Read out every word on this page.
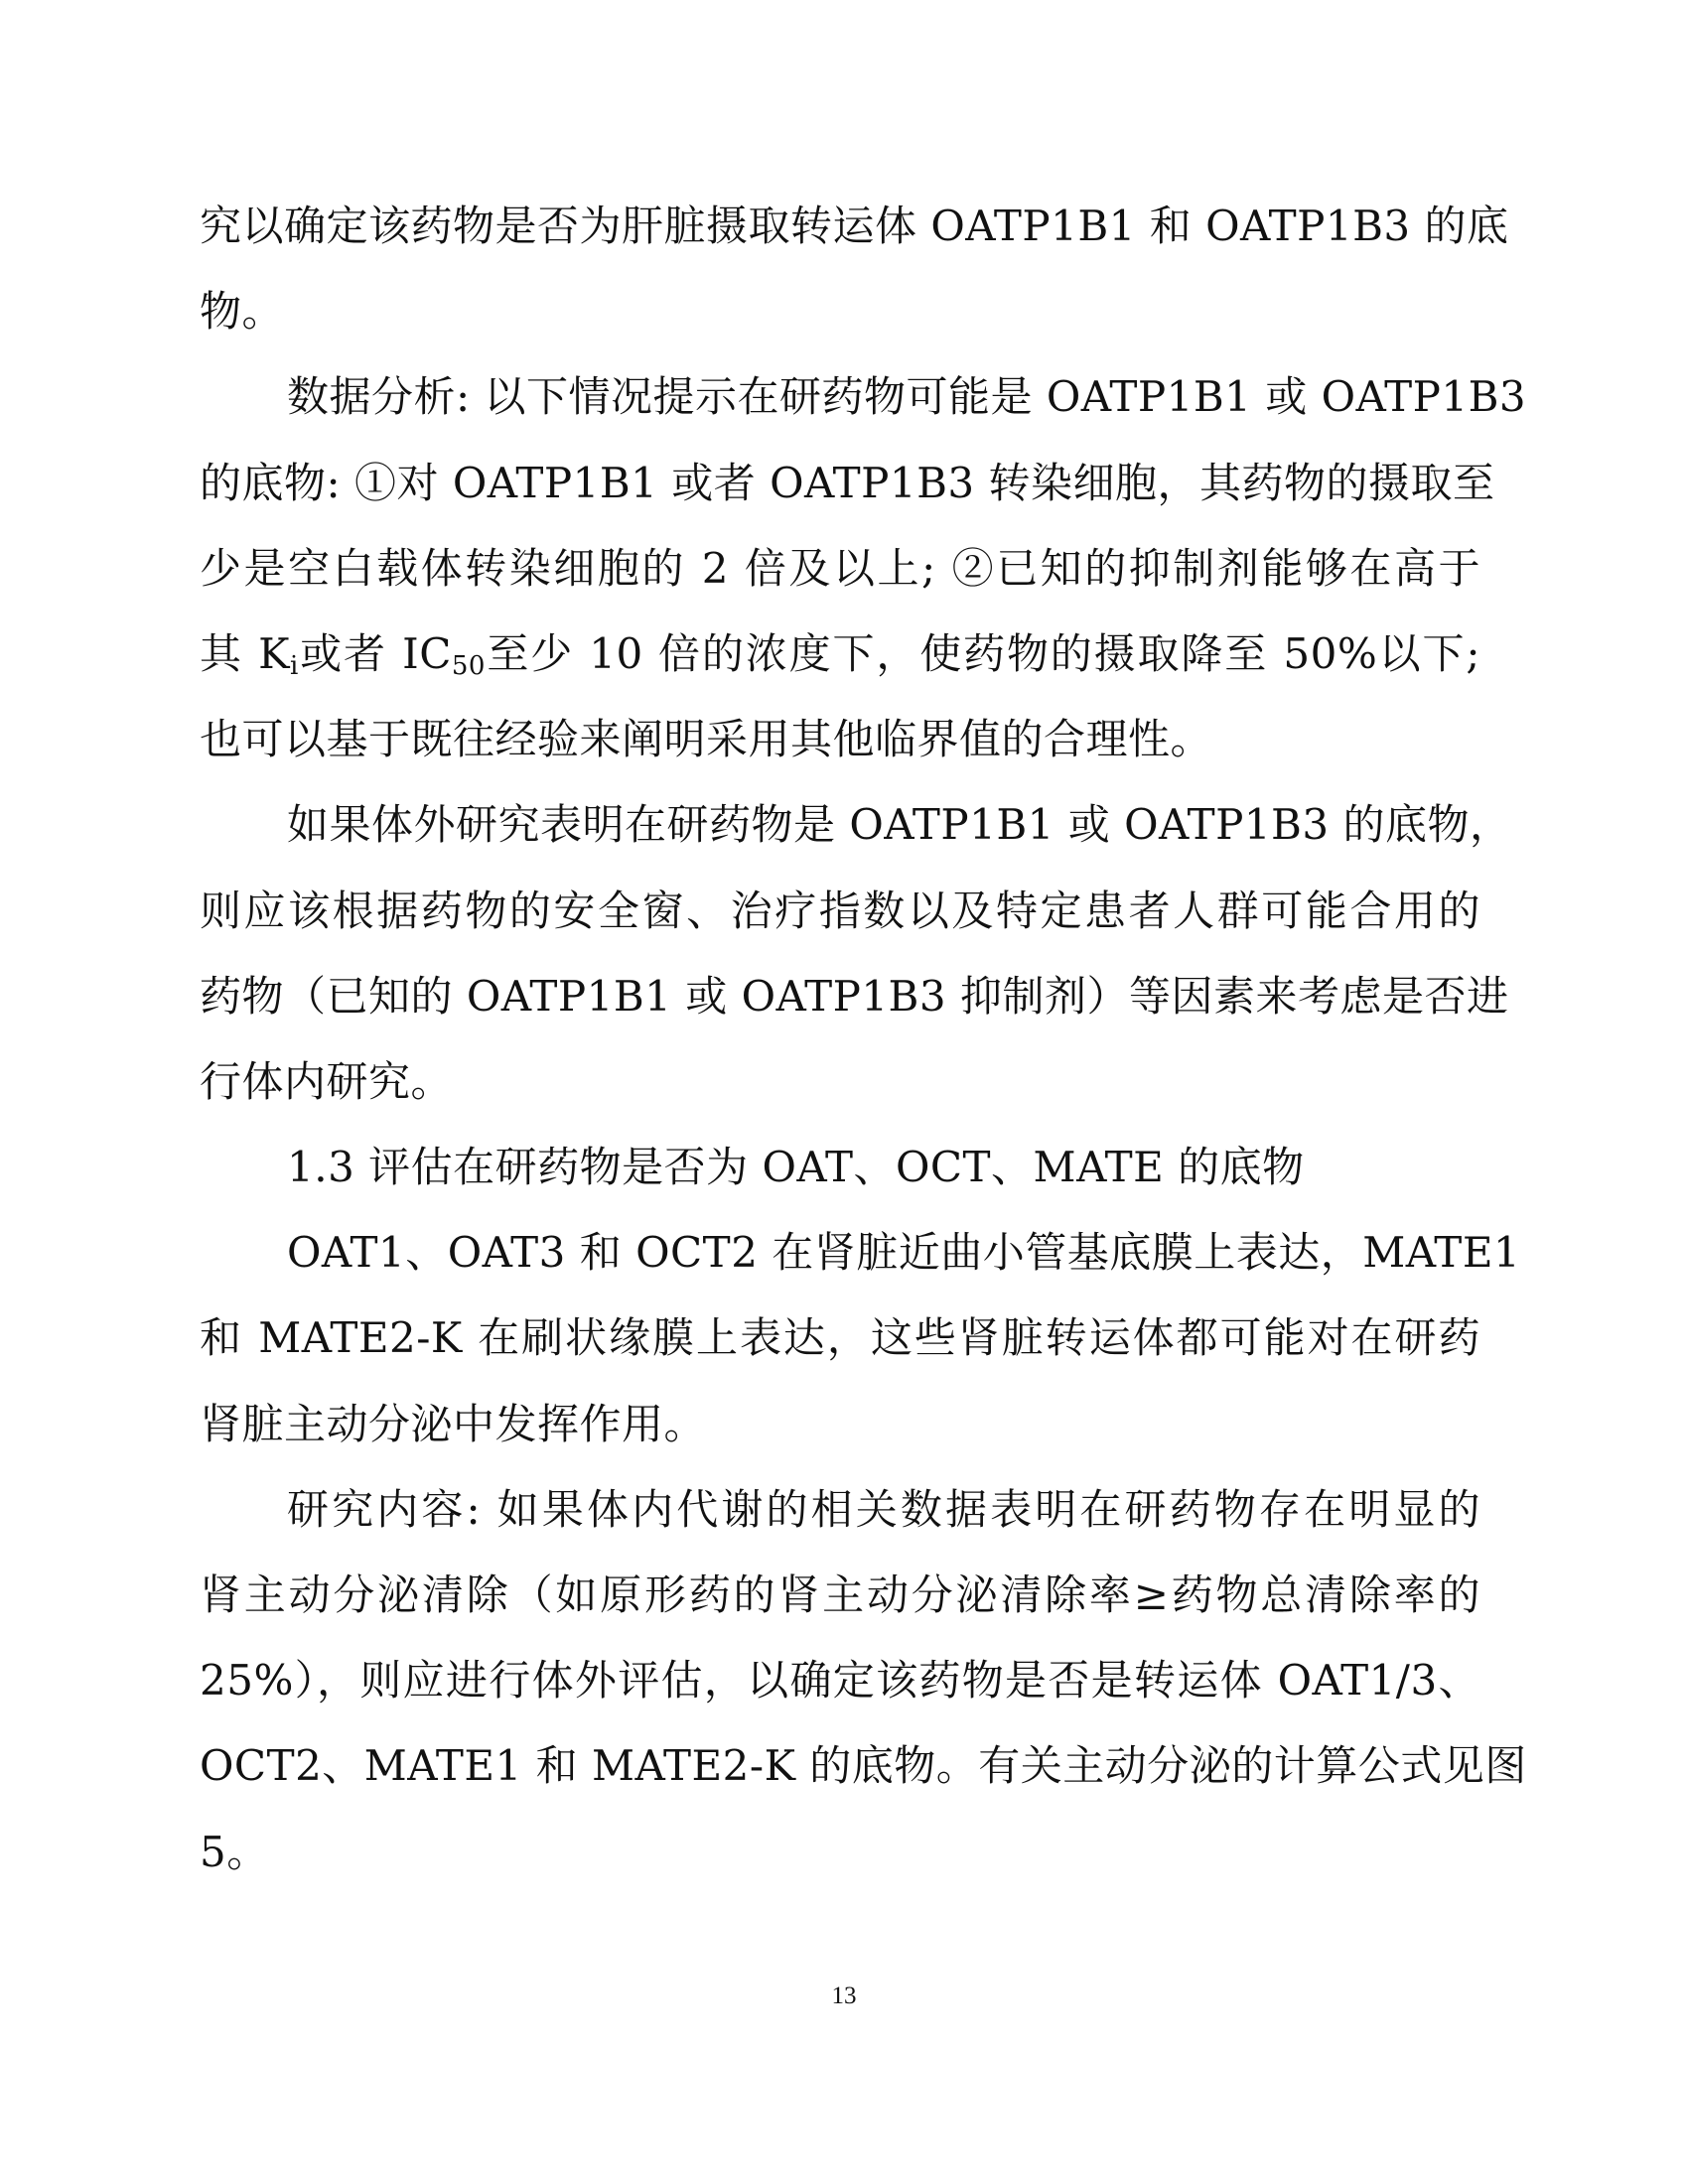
究以确定该药物是否为肝脏摄取转运体 OATP1B1 和 OATP1B3 的底
物。
数据分析: 以下情况提示在研药物可能是 OATP1B1 或 OATP1B3
的底物: ①对 OATP1B1 或者 OATP1B3 转染细胞，其药物的摄取至
少是空白载体转染细胞的 2 倍及以上; ②已知的抑制剂能够在高于
其 $K_i$或者 $IC_{50}$至少 10 倍的浓度下，使药物的摄取降至 50%以下;
也可以基于既往经验来阐明采用其他临界值的合理性。
如果体外研究表明在研药物是 OATP1B1 或 OATP1B3 的底物，
则应该根据药物的安全窗、治疗指数以及特定患者人群可能合用的
药物（已知的 OATP1B1 或 OATP1B3 抑制剂）等因素来考虑是否进
行体内研究。
1.3 评估在研药物是否为 OAT、OCT、MATE 的底物
OAT1、OAT3 和 OCT2 在肾脏近曲小管基底膜上表达，MATE1
和 MATE2-K 在刷状缘膜上表达，这些肾脏转运体都可能对在研药
肾脏主动分泌中发挥作用。
研究内容: 如果体内代谢的相关数据表明在研药物存在明显的
肾主动分泌清除（如原形药的肾主动分泌清除率≥药物总清除率的
25%），则应进行体外评估，以确定该药物是否是转运体 OAT1/3、
OCT2、MATE1 和 MATE2-K 的底物。有关主动分泌的计算公式见图
5。
13
